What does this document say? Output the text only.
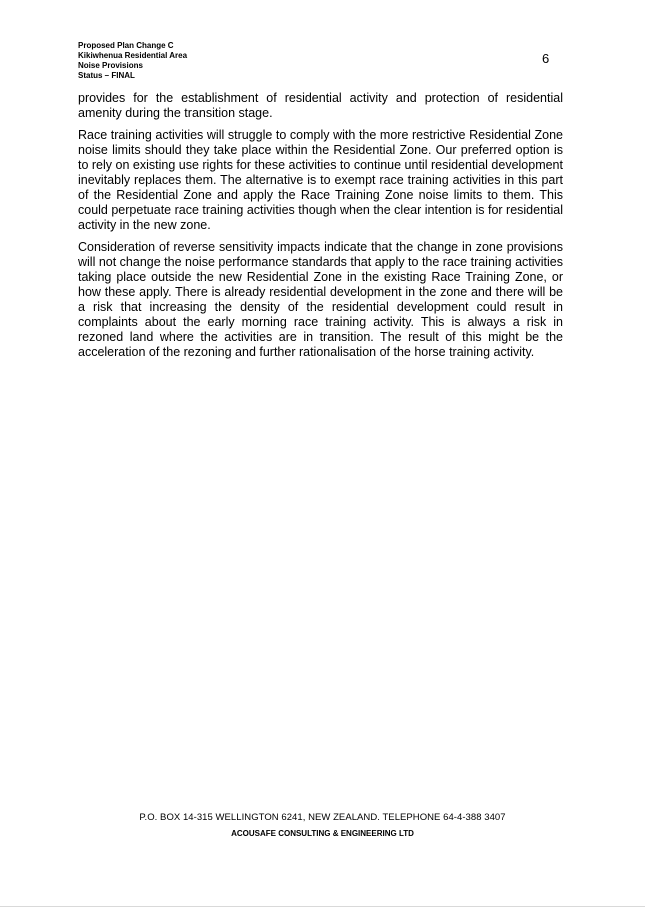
Proposed Plan Change C
Kikiwhenua Residential Area
Noise Provisions
Status – FINAL
6

provides for the establishment of residential activity and protection of residential amenity during the transition stage.

Race training activities will struggle to comply with the more restrictive Residential Zone noise limits should they take place within the Residential Zone. Our preferred option is to rely on existing use rights for these activities to continue until residential development inevitably replaces them. The alternative is to exempt race training activities in this part of the Residential Zone and apply the Race Training Zone noise limits to them. This could perpetuate race training activities though when the clear intention is for residential activity in the new zone.

Consideration of reverse sensitivity impacts indicate that the change in zone provisions will not change the noise performance standards that apply to the race training activities taking place outside the new Residential Zone in the existing Race Training Zone, or how these apply. There is already residential development in the zone and there will be a risk that increasing the density of the residential development could result in complaints about the early morning race training activity. This is always a risk in rezoned land where the activities are in transition. The result of this might be the acceleration of the rezoning and further rationalisation of the horse training activity.

P.O. BOX 14-315 WELLINGTON 6241, NEW ZEALAND. TELEPHONE 64-4-388 3407
ACOUSAFE CONSULTING & ENGINEERING LTD
